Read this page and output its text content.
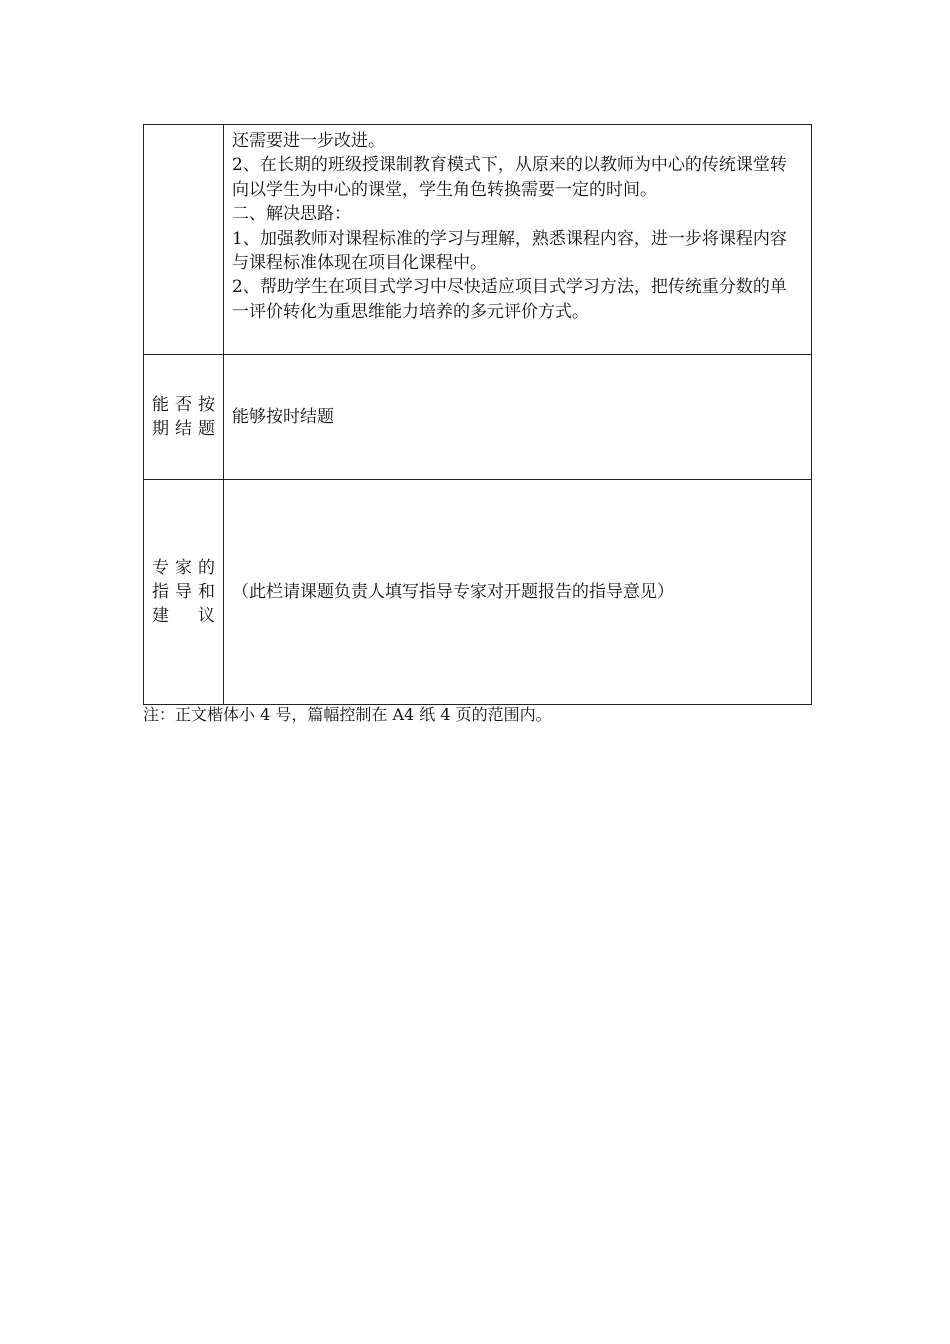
	还需要进一步改进。

2、在长期的班级授课制教育模式下，从原来的以教师为中心的传统课堂转向以学生为中心的课堂，学生角色转换需要一定的时间。

二、解决思路：

1、加强教师对课程标准的学习与理解，熟悉课程内容，进一步将课程内容与课程标准体现在项目化课程中。

2、帮助学生在项目式学习中尽快适应项目式学习方法，把传统重分数的单一评价转化为重思维能力培养的多元评价方式。

能否按期结题	能够按时结题

专家的指导和建议	（此栏请课题负责人填写指导专家对开题报告的指导意见）

注：正文楷体小 4 号，篇幅控制在 A4 纸 4 页的范围内。
